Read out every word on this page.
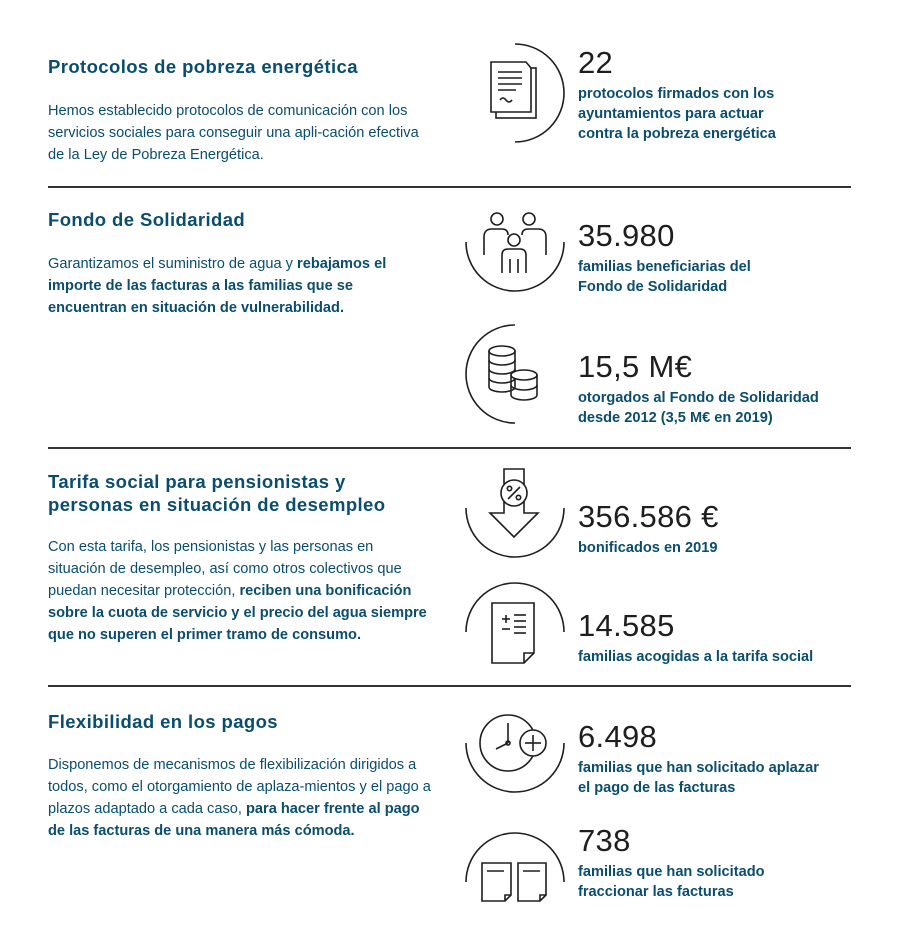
Protocolos de pobreza energética

Hemos establecido protocolos de comunicación con los servicios sociales para conseguir una apli-cación efectiva de la Ley de Pobreza Energética.

Fondo de Solidaridad

Garantizamos el suministro de agua y rebajamos el importe de las facturas a las familias que se encuentran en situación de vulnerabilidad.

Tarifa social para pensionistas y
personas en situación de desempleo

Con esta tarifa, los pensionistas y las personas en situación de desempleo, así como otros colectivos que puedan necesitar protección, reciben una bonificación sobre la cuota de servicio y el precio del agua siempre que no superen el primer tramo de consumo.

Flexibilidad en los pagos

Disponemos de mecanismos de flexibilización dirigidos a todos, como el otorgamiento de aplaza-mientos y el pago a plazos adaptado a cada caso, para hacer frente al pago de las facturas de una manera más cómoda.

22
protocolos firmados con los
ayuntamientos para actuar
contra la pobreza energética
35.980
familias beneficiarias del
Fondo de Solidaridad
15,5 M€
otorgados al Fondo de Solidaridad
desde 2012 (3,5 M€ en 2019)
356.586 €
bonificados en 2019
14.585
familias acogidas a la tarifa social
6.498
familias que han solicitado aplazar
el pago de las facturas
738
familias que han solicitado
fraccionar las facturas
